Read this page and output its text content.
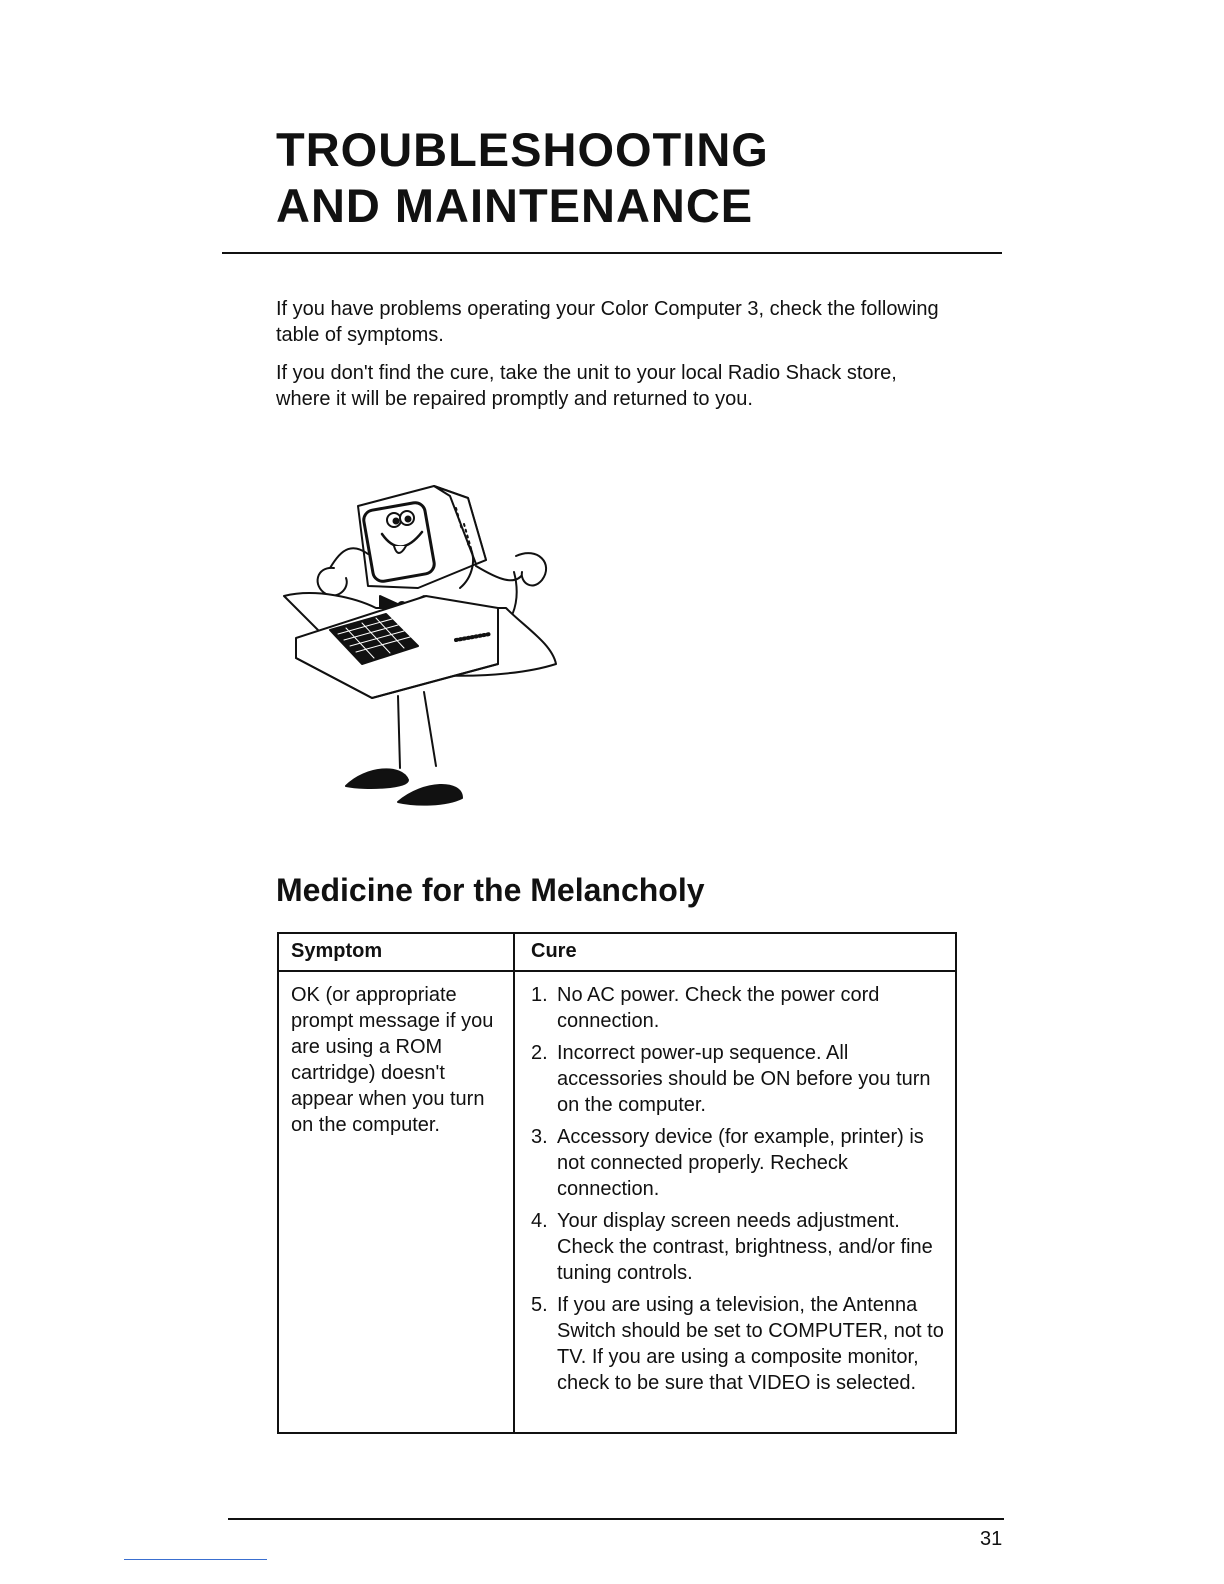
TROUBLESHOOTING
AND MAINTENANCE

If you have problems operating your Color Computer 3, check the following table of symptoms.

If you don't find the cure, take the unit to your local Radio Shack store, where it will be repaired promptly and returned to you.

Medicine for the Melancholy
Symptom	Cure
OK (or appropriate prompt message if you are using a ROM cartridge) doesn't appear when you turn on the computer.
1. No AC power. Check the power cord connection.
2. Incorrect power-up sequence. All accessories should be ON before you turn on the computer.
3. Accessory device (for example, printer) is not connected properly. Recheck connection.
4. Your display screen needs adjustment. Check the contrast, brightness, and/or fine tuning controls.
5. If you are using a television, the Antenna Switch should be set to COMPUTER, not to TV. If you are using a composite monitor, check to be sure that VIDEO is selected.
31
